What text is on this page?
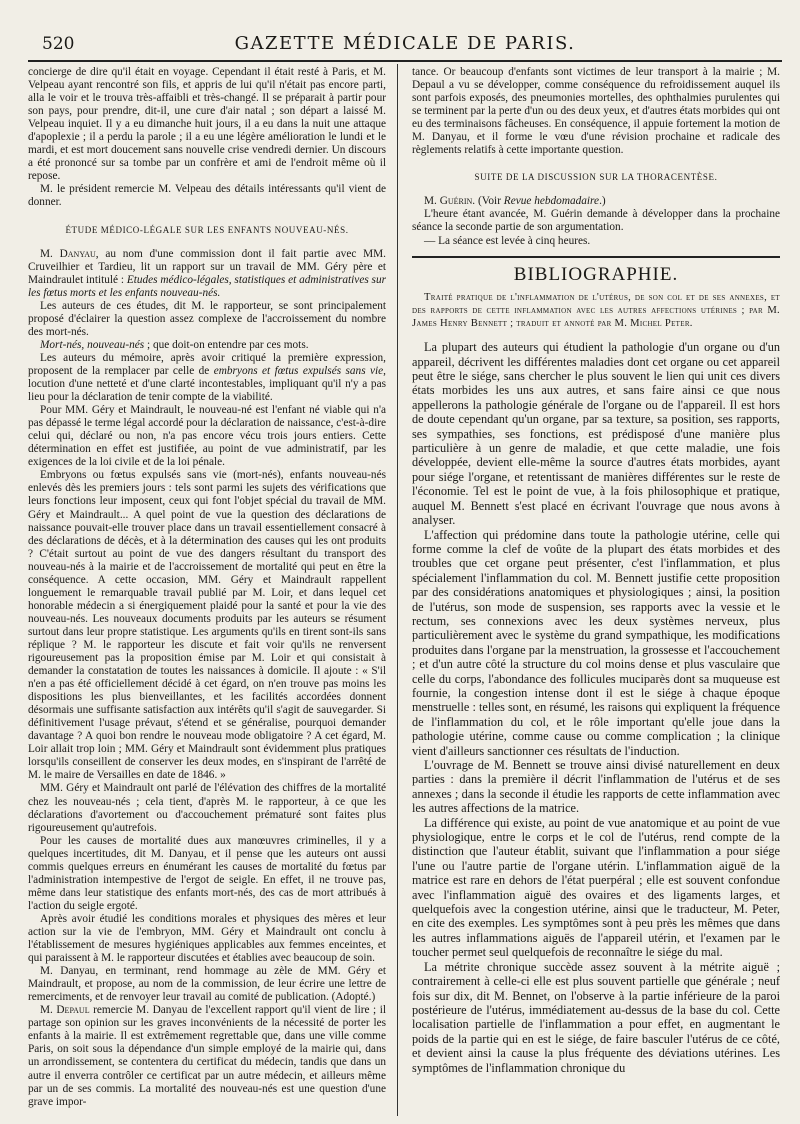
520	GAZETTE MÉDICALE DE PARIS.

concierge de dire qu'il était en voyage. Cependant il était resté à Paris, et M. Velpeau ayant rencontré son fils, et appris de lui qu'il n'était pas encore parti, alla le voir et le trouva très-affaibli et très-changé. Il se préparait à partir pour son pays, pour prendre, dit-il, une cure d'air natal ; son départ a laissé M. Velpeau inquiet. Il y a eu dimanche huit jours, il a eu dans la nuit une attaque d'apoplexie ; il a perdu la parole ; il a eu une légère amélioration le lundi et le mardi, et est mort doucement sans nouvelle crise vendredi dernier. Un discours a été prononcé sur sa tombe par un confrère et ami de l'endroit même où il repose.

M. le président remercie M. Velpeau des détails intéressants qu'il vient de donner.

ÉTUDE MÉDICO-LÉGALE SUR LES ENFANTS NOUVEAU-NÉS.

M. Danyau, au nom d'une commission dont il fait partie avec MM. Cruveilhier et Tardieu, lit un rapport sur un travail de MM. Géry père et Maindraulet intitulé : Etudes médico-légales, statistiques et administratives sur les fœtus morts et les enfants nouveau-nés.

Les auteurs de ces études, dit M. le rapporteur, se sont principalement proposé d'éclairer la question assez complexe de l'accroissement du nombre des mort-nés.

Mort-nés, nouveau-nés ; que doit-on entendre par ces mots.

Les auteurs du mémoire, après avoir critiqué la première expression, proposent de la remplacer par celle de embryons et fœtus expulsés sans vie, locution d'une netteté et d'une clarté incontestables, impliquant qu'il n'y a pas lieu pour la déclaration de tenir compte de la viabilité.

Pour MM. Géry et Maindrault, le nouveau-né est l'enfant né viable qui n'a pas dépassé le terme légal accordé pour la déclaration de naissance, c'est-à-dire celui qui, déclaré ou non, n'a pas encore vécu trois jours entiers. Cette détermination en effet est justifiée, au point de vue administratif, par les exigences de la loi civile et de la loi pénale.

Embryons ou fœtus expulsés sans vie (mort-nés), enfants nouveau-nés enlevés dès les premiers jours : tels sont parmi les sujets des vérifications que leurs fonctions leur imposent, ceux qui font l'objet spécial du travail de MM. Géry et Maindrault... A quel point de vue la question des déclarations de naissance pouvait-elle trouver place dans un travail essentiellement consacré à des déclarations de décès, et à la détermination des causes qui les ont produits ? C'était surtout au point de vue des dangers résultant du transport des nouveau-nés à la mairie et de l'accroissement de mortalité qui peut en être la conséquence. A cette occasion, MM. Géry et Maindrault rappellent longuement le remarquable travail publié par M. Loir, et dans lequel cet honorable médecin a si énergiquement plaidé pour la santé et pour la vie des nouveau-nés. Les nouveaux documents produits par les auteurs se résument surtout dans leur propre statistique. Les arguments qu'ils en tirent sont-ils sans réplique ? M. le rapporteur les discute et fait voir qu'ils ne renversent rigoureusement pas la proposition émise par M. Loir et qui consistait à demander la constatation de toutes les naissances à domicile. Il ajoute : « S'il n'en a pas été officiellement décidé à cet égard, on n'en trouve pas moins les dispositions les plus bienveillantes, et les facilités accordées donnent désormais une suffisante satisfaction aux intérêts qu'il s'agit de sauvegarder. Si définitivement l'usage prévaut, s'étend et se généralise, pourquoi demander davantage ? A quoi bon rendre le nouveau mode obligatoire ? A cet égard, M. Loir allait trop loin ; MM. Géry et Maindrault sont évidemment plus pratiques lorsqu'ils conseillent de conserver les deux modes, en s'inspirant de l'arrêté de M. le maire de Versailles en date de 1846. »

MM. Géry et Maindrault ont parlé de l'élévation des chiffres de la mortalité chez les nouveau-nés ; cela tient, d'après M. le rapporteur, à ce que les déclarations d'avortement ou d'accouchement prématuré sont faites plus rigoureusement qu'autrefois.

Pour les causes de mortalité dues aux manœuvres criminelles, il y a quelques incertitudes, dit M. Danyau, et il pense que les auteurs ont aussi commis quelques erreurs en énumérant les causes de mortalité du fœtus par l'administration intempestive de l'ergot de seigle. En effet, il ne trouve pas, même dans leur statistique des enfants mort-nés, des cas de mort attribués à l'action du seigle ergoté.

Après avoir étudié les conditions morales et physiques des mères et leur action sur la vie de l'embryon, MM. Géry et Maindrault ont conclu à l'établissement de mesures hygiéniques applicables aux femmes enceintes, et qui paraissent à M. le rapporteur discutées et établies avec beaucoup de soin.

M. Danyau, en terminant, rend hommage au zèle de MM. Géry et Maindrault, et propose, au nom de la commission, de leur écrire une lettre de remerciments, et de renvoyer leur travail au comité de publication. (Adopté.)

M. Depaul remercie M. Danyau de l'excellent rapport qu'il vient de lire ; il partage son opinion sur les graves inconvénients de la nécessité de porter les enfants à la mairie. Il est extrêmement regrettable que, dans une ville comme Paris, on soit sous la dépendance d'un simple employé de la mairie qui, dans un arrondissement, se contentera du certificat du médecin, tandis que dans un autre il enverra contrôler ce certificat par un autre médecin, et ailleurs même par un de ses commis. La mortalité des nouveau-nés est une question d'une grave impor-

tance. Or beaucoup d'enfants sont victimes de leur transport à la mairie ; M. Depaul a vu se développer, comme conséquence du refroidissement auquel ils sont parfois exposés, des pneumonies mortelles, des ophthalmies purulentes qui se terminent par la perte d'un ou des deux yeux, et d'autres états morbides qui ont eu des terminaisons fâcheuses. En conséquence, il appuie fortement la motion de M. Danyau, et il forme le vœu d'une révision prochaine et radicale des règlements relatifs à cette importante question.

SUITE DE LA DISCUSSION SUR LA THORACENTÈSE.

M. Guérin. (Voir Revue hebdomadaire.)

L'heure étant avancée, M. Guérin demande à développer dans la prochaine séance la seconde partie de son argumentation.

— La séance est levée à cinq heures.

BIBLIOGRAPHIE.

Traité pratique de l'inflammation de l'utérus, de son col et de ses annexes, et des rapports de cette inflammation avec les autres affections utérines ; par M. James Henry Bennett ; traduit et annoté par M. Michel Peter.

La plupart des auteurs qui étudient la pathologie d'un organe ou d'un appareil, décrivent les différentes maladies dont cet organe ou cet appareil peut être le siége, sans chercher le plus souvent le lien qui unit ces divers états morbides les uns aux autres, et sans faire ainsi ce que nous appellerons la pathologie générale de l'organe ou de l'appareil. Il est hors de doute cependant qu'un organe, par sa texture, sa position, ses rapports, ses sympathies, ses fonctions, est prédisposé d'une manière plus particulière à un genre de maladie, et que cette maladie, une fois développée, devient elle-même la source d'autres états morbides, ayant pour siége l'organe, et retentissant de manières différentes sur le reste de l'économie. Tel est le point de vue, à la fois philosophique et pratique, auquel M. Bennett s'est placé en écrivant l'ouvrage que nous avons à analyser.

L'affection qui prédomine dans toute la pathologie utérine, celle qui forme comme la clef de voûte de la plupart des états morbides et des troubles que cet organe peut présenter, c'est l'inflammation, et plus spécialement l'inflammation du col. M. Bennett justifie cette proposition par des considérations anatomiques et physiologiques ; ainsi, la position de l'utérus, son mode de suspension, ses rapports avec la vessie et le rectum, ses connexions avec les deux systèmes nerveux, plus particulièrement avec le système du grand sympathique, les modifications produites dans l'organe par la menstruation, la grossesse et l'accouchement ; et d'un autre côté la structure du col moins dense et plus vasculaire que celle du corps, l'abondance des follicules muciparès dont sa muqueuse est fournie, la congestion intense dont il est le siége à chaque époque menstruelle : telles sont, en résumé, les raisons qui expliquent la fréquence de l'inflammation du col, et le rôle important qu'elle joue dans la pathologie utérine, comme cause ou comme complication ; la clinique vient d'ailleurs sanctionner ces résultats de l'induction.

L'ouvrage de M. Bennett se trouve ainsi divisé naturellement en deux parties : dans la première il décrit l'inflammation de l'utérus et de ses annexes ; dans la seconde il étudie les rapports de cette inflammation avec les autres affections de la matrice.

La différence qui existe, au point de vue anatomique et au point de vue physiologique, entre le corps et le col de l'utérus, rend compte de la distinction que l'auteur établit, suivant que l'inflammation a pour siége l'une ou l'autre partie de l'organe utérin. L'inflammation aiguë de la matrice est rare en dehors de l'état puerpéral ; elle est souvent confondue avec l'inflammation aiguë des ovaires et des ligaments larges, et quelquefois avec la congestion utérine, ainsi que le traducteur, M. Peter, en cite des exemples. Les symptômes sont à peu près les mêmes que dans les autres inflammations aiguës de l'appareil utérin, et l'examen par le toucher permet seul quelquefois de reconnaître le siége du mal.

La métrite chronique succède assez souvent à la métrite aiguë ; contrairement à celle-ci elle est plus souvent partielle que générale ; neuf fois sur dix, dit M. Bennet, on l'observe à la partie inférieure de la paroi postérieure de l'utérus, immédiatement au-dessus de la base du col. Cette localisation partielle de l'inflammation a pour effet, en augmentant le poids de la partie qui en est le siége, de faire basculer l'utérus de ce côté, et devient ainsi la cause la plus fréquente des déviations utérines. Les symptômes de l'inflammation chronique du
